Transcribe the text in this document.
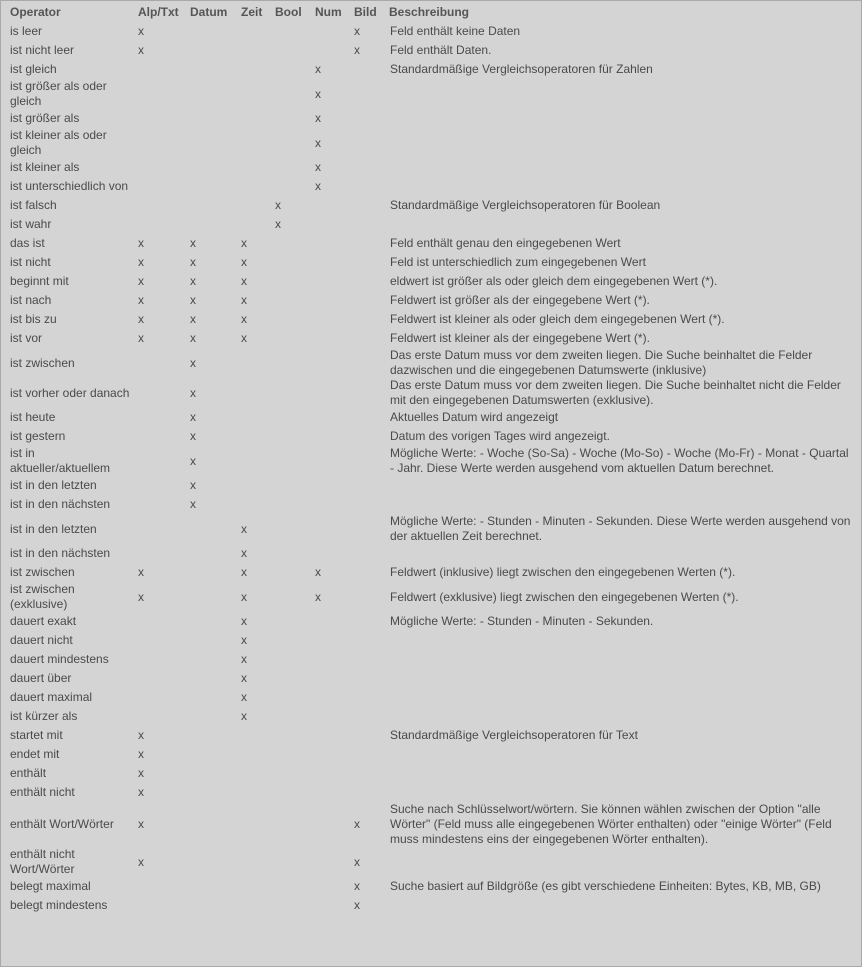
Operator	Alp/Txt	Datum	Zeit	Bool	Num	Bild	Beschreibung
is leer	x					x	Feld enthält keine Daten
ist nicht leer	x					x	Feld enthält Daten.
ist gleich					x		Standardmäßige Vergleichsoperatoren für Zahlen
ist größer als oder gleich					x		
ist größer als					x		
ist kleiner als oder gleich					x		
ist kleiner als					x		
ist unterschiedlich von					x		
ist falsch				x			Standardmäßige Vergleichsoperatoren für Boolean
ist wahr				x			
das ist	x	x	x				Feld enthält genau den eingegebenen Wert
ist nicht	x	x	x				Feld ist unterschiedlich zum eingegebenen Wert
beginnt mit	x	x	x				eldwert ist größer als oder gleich dem eingegebenen Wert (*).
ist nach	x	x	x				Feldwert ist größer als der eingegebene Wert (*).
ist bis zu	x	x	x				Feldwert ist kleiner als oder gleich dem eingegebenen Wert (*).
ist vor	x	x	x				Feldwert ist kleiner als der eingegebene Wert (*).
ist zwischen		x					Das erste Datum muss vor dem zweiten liegen. Die Suche beinhaltet die Felder dazwischen und die eingegebenen Datumswerte (inklusive)
ist vorher oder danach		x					Das erste Datum muss vor dem zweiten liegen. Die Suche beinhaltet nicht die Felder mit den eingegebenen Datumswerten (exklusive).
ist heute		x					Aktuelles Datum wird angezeigt
ist gestern		x					Datum des vorigen Tages wird angezeigt.
ist in aktueller/aktuellem		x					Mögliche Werte: - Woche (So-Sa) - Woche (Mo-So) - Woche (Mo-Fr) - Monat - Quartal - Jahr. Diese Werte werden ausgehend vom aktuellen Datum berechnet.
ist in den letzten		x					
ist in den nächsten		x					
ist in den letzten			x				Mögliche Werte: - Stunden - Minuten - Sekunden. Diese Werte werden ausgehend von der aktuellen Zeit berechnet.
ist in den nächsten			x				
ist zwischen	x		x		x		Feldwert (inklusive) liegt zwischen den eingegebenen Werten (*).
ist zwischen (exklusive)	x		x		x		Feldwert (exklusive) liegt zwischen den eingegebenen Werten (*).
dauert exakt			x				Mögliche Werte: - Stunden - Minuten - Sekunden.
dauert nicht			x				
dauert mindestens			x				
dauert über			x				
dauert maximal			x				
ist kürzer als			x				
startet mit	x						Standardmäßige Vergleichsoperatoren für Text
endet mit	x						
enthält	x						
enthält nicht	x						
enthält Wort/Wörter	x					x	Suche nach Schlüsselwort/wörtern. Sie können wählen zwischen der Option "alle Wörter" (Feld muss alle eingegebenen Wörter enthalten) oder "einige Wörter" (Feld muss mindestens eins der eingegebenen Wörter enthalten).
enthält nicht Wort/Wörter	x					x	
belegt maximal						x	Suche basiert auf Bildgröße (es gibt verschiedene Einheiten: Bytes, KB, MB, GB)
belegt mindestens						x	
